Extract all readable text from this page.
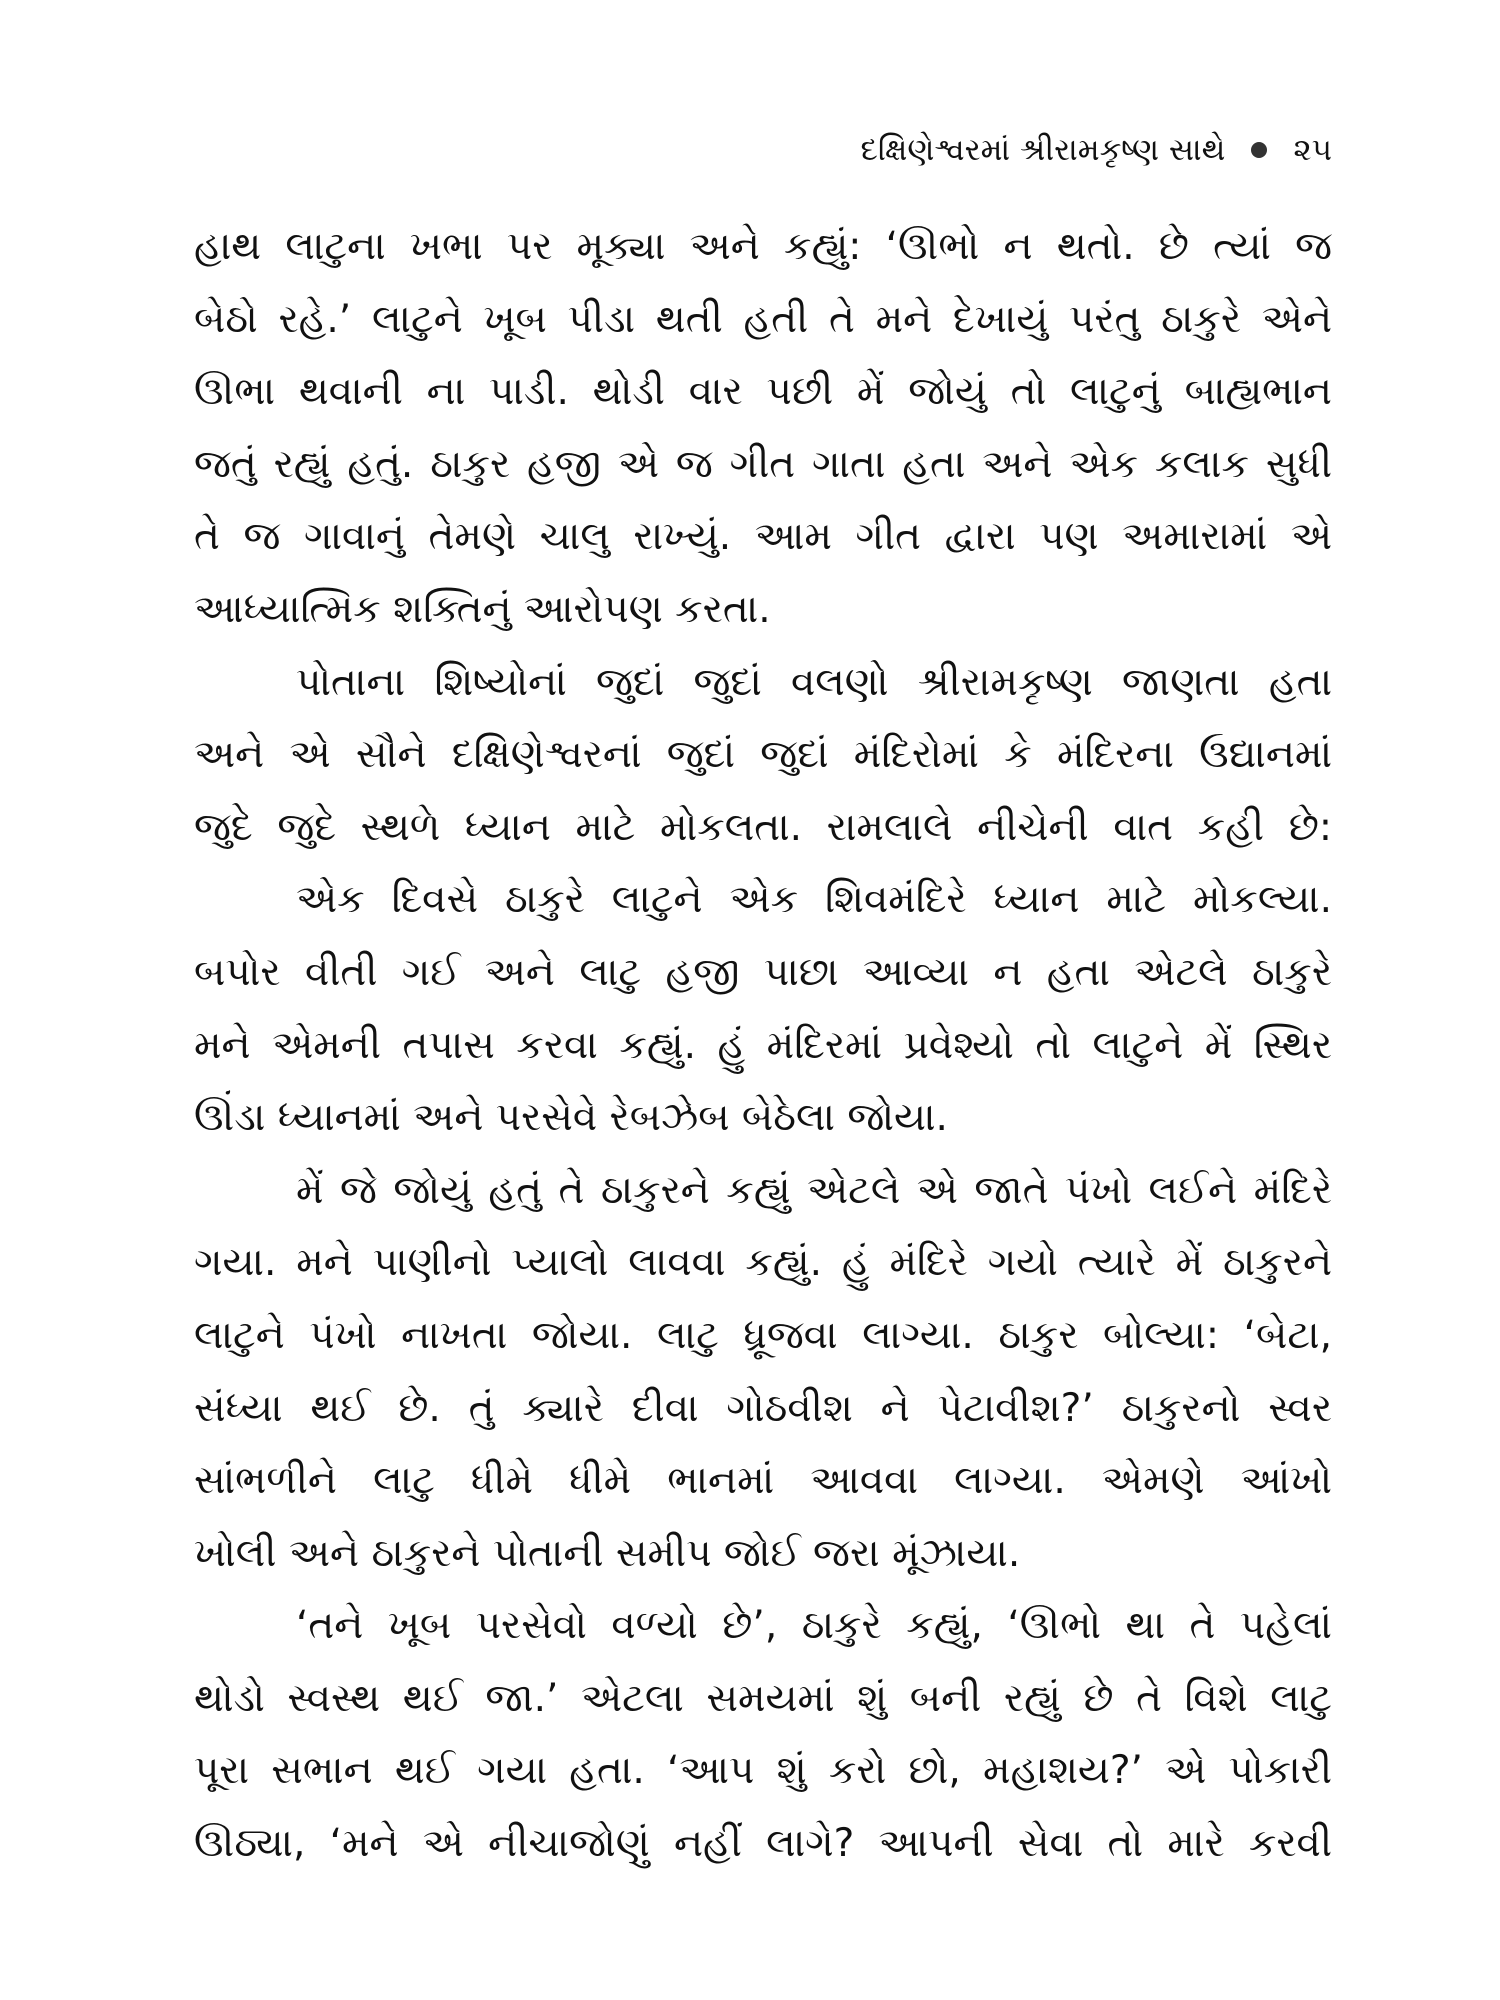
દક્ષિણેશ્વરમાં શ્રીરામકૃષ્ણ સાથે ૨૫
હાથ લાટુના ખભા પર મૂક્યા અને કહ્યું: ‘ઊભો ન થતો. છે ત્યાં જ
બેઠો રહે.’ લાટુને ખૂબ પીડા થતી હતી તે મને દેખાયું પરંતુ ઠાકુરે એને
ઊભા થવાની ના પાડી. થોડી વાર પછી મેં જોયું તો લાટુનું બાહ્યભાન
જતું રહ્યું હતું. ઠાકુર હજી એ જ ગીત ગાતા હતા અને એક કલાક સુધી
તે જ ગાવાનું તેમણે ચાલુ રાખ્યું. આમ ગીત દ્વારા પણ અમારામાં એ
આધ્યાત્મિક શક્તિનું આરોપણ કરતા.
પોતાના શિષ્યોનાં જુદાં જુદાં વલણો શ્રીરામકૃષ્ણ જાણતા હતા
અને એ સૌને દક્ષિણેશ્વરનાં જુદાં જુદાં મંદિરોમાં કે મંદિરના ઉદ્યાનમાં
જુદે જુદે સ્થળે ધ્યાન માટે મોકલતા. રામલાલે નીચેની વાત કહી છે:
એક દિવસે ઠાકુરે લાટુને એક શિવમંદિરે ધ્યાન માટે મોકલ્યા.
બપોર વીતી ગઈ અને લાટુ હજી પાછા આવ્યા ન હતા એટલે ઠાકુરે
મને એમની તપાસ કરવા કહ્યું. હું મંદિરમાં પ્રવેશ્યો તો લાટુને મેં સ્થિર
ઊંડા ધ્યાનમાં અને પરસેવે રેબઝેબ બેઠેલા જોયા.
મેં જે જોયું હતું તે ઠાકુરને કહ્યું એટલે એ જાતે પંખો લઈને મંદિરે
ગયા. મને પાણીનો પ્યાલો લાવવા કહ્યું. હું મંદિરે ગયો ત્યારે મેં ઠાકુરને
લાટુને પંખો નાખતા જોયા. લાટુ ધ્રૂજવા લાગ્યા. ઠાકુર બોલ્યા: ‘બેટા,
સંધ્યા થઈ છે. તું ક્યારે દીવા ગોઠવીશ ને પેટાવીશ?’ ઠાકુરનો સ્વર
સાંભળીને લાટુ ધીમે ધીમે ભાનમાં આવવા લાગ્યા. એમણે આંખો
ખોલી અને ઠાકુરને પોતાની સમીપ જોઈ જરા મૂંઝાયા.
‘તને ખૂબ પરસેવો વળ્યો છે’, ઠાકુરે કહ્યું, ‘ઊભો થા તે પહેલાં
થોડો સ્વસ્થ થઈ જા.’ એટલા સમયમાં શું બની રહ્યું છે તે વિશે લાટુ
પૂરા સભાન થઈ ગયા હતા. ‘આપ શું કરો છો, મહાશય?’ એ પોકારી
ઊઠ્યા, ‘મને એ નીચાજોણું નહીં લાગે? આપની સેવા તો મારે કરવી
